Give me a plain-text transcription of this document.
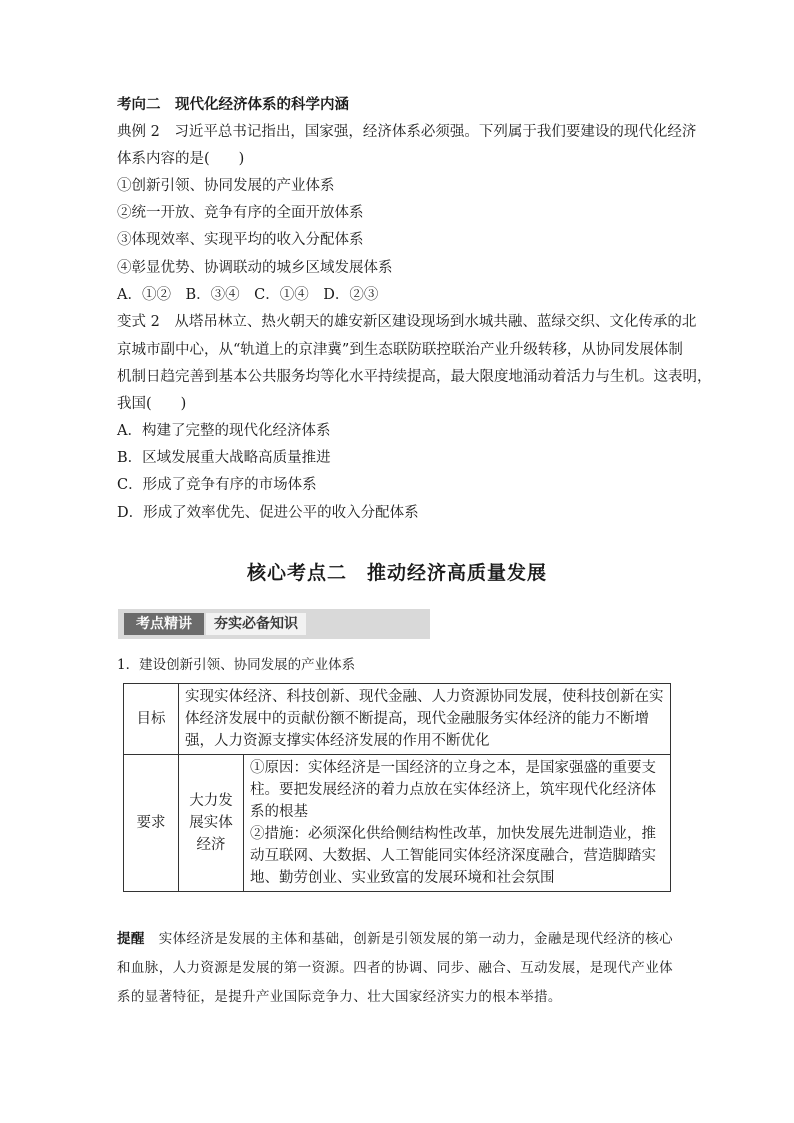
考向二　现代化经济体系的科学内涵
典例 2　习近平总书记指出，国家强，经济体系必须强。下列属于我们要建设的现代化经济
体系内容的是(　　)
①创新引领、协同发展的产业体系
②统一开放、竞争有序的全面开放体系
③体现效率、实现平均的收入分配体系
④彰显优势、协调联动的城乡区域发展体系
A．①②　B．③④　C．①④　D．②③
变式 2　从塔吊林立、热火朝天的雄安新区建设现场到水城共融、蓝绿交织、文化传承的北
京城市副中心，从“轨道上的京津冀”到生态联防联控联治产业升级转移，从协同发展体制
机制日趋完善到基本公共服务均等化水平持续提高，最大限度地涌动着活力与生机。这表明，
我国(　　)
A．构建了完整的现代化经济体系
B．区域发展重大战略高质量推进
C．形成了竞争有序的市场体系
D．形成了效率优先、促进公平的收入分配体系
核心考点二　推动经济高质量发展
考点精讲	夯实必备知识
1．建设创新引领、协同发展的产业体系
目标	实现实体经济、科技创新、现代金融、人力资源协同发展，使科技创新在实体经济发展中的贡献份额不断提高，现代金融服务实体经济的能力不断增强，人力资源支撑实体经济发展的作用不断优化	
要求	大力发展实体经济	①原因：实体经济是一国经济的立身之本，是国家强盛的重要支柱。要把发展经济的着力点放在实体经济上，筑牢现代化经济体系的根基
②措施：必须深化供给侧结构性改革，加快发展先进制造业，推动互联网、大数据、人工智能同实体经济深度融合，营造脚踏实地、勤劳创业、实业致富的发展环境和社会氛围
提醒　实体经济是发展的主体和基础，创新是引领发展的第一动力，金融是现代经济的核心和血脉，人力资源是发展的第一资源。四者的协调、同步、融合、互动发展，是现代产业体系的显著特征，是提升产业国际竞争力、壮大国家经济实力的根本举措。
